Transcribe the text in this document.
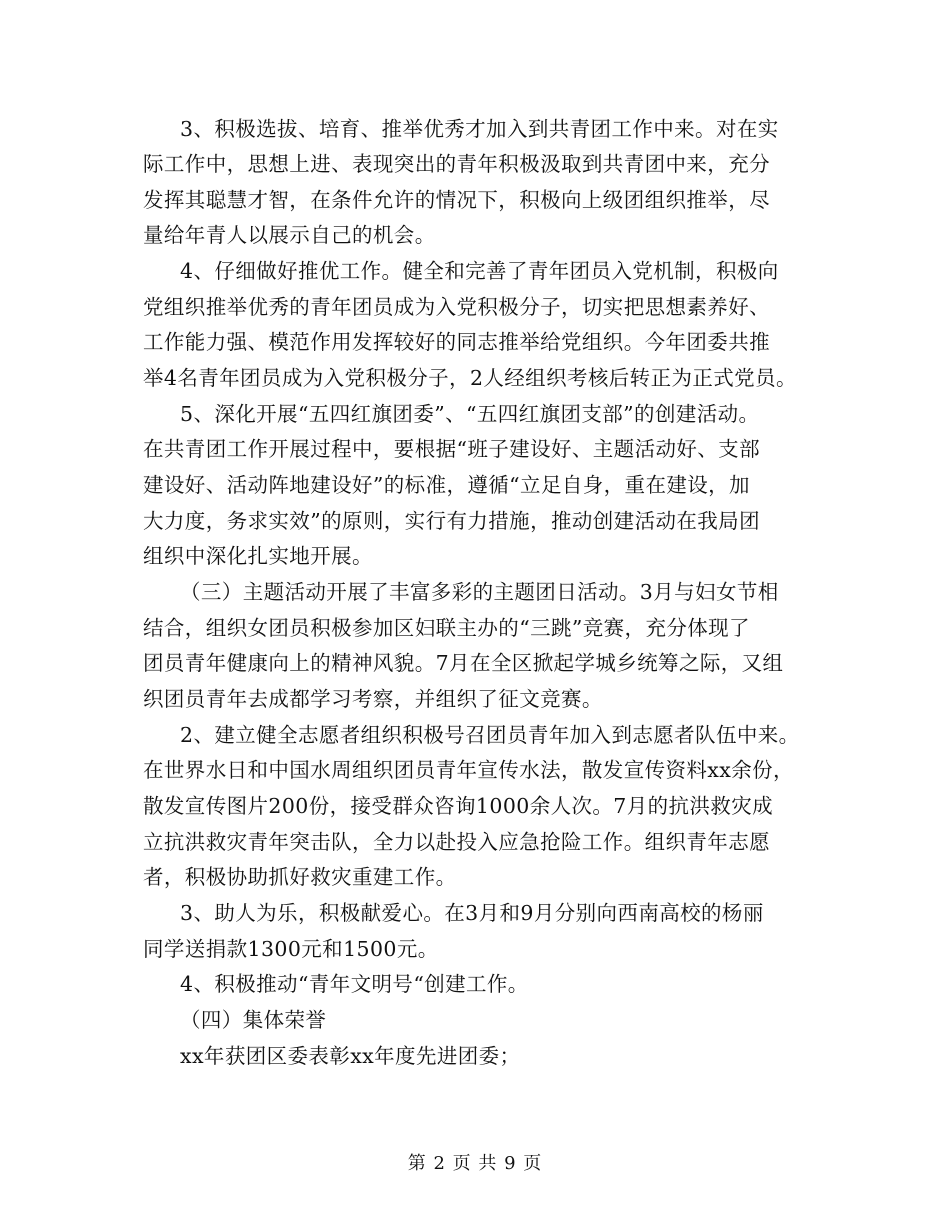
3、积极选拔、培育、推举优秀才加入到共青团工作中来。对在实
际工作中，思想上进、表现突出的青年积极汲取到共青团中来，充分
发挥其聪慧才智，在条件允许的情况下，积极向上级团组织推举，尽
量给年青人以展示自己的机会。
4、仔细做好推优工作。健全和完善了青年团员入党机制，积极向
党组织推举优秀的青年团员成为入党积极分子，切实把思想素养好、
工作能力强、模范作用发挥较好的同志推举给党组织。今年团委共推
举4名青年团员成为入党积极分子，2人经组织考核后转正为正式党员。
5、深化开展“五四红旗团委”、“五四红旗团支部”的创建活动。
在共青团工作开展过程中，要根据“班子建设好、主题活动好、支部
建设好、活动阵地建设好”的标准，遵循“立足自身，重在建设，加
大力度，务求实效”的原则，实行有力措施，推动创建活动在我局团
组织中深化扎实地开展。
（三）主题活动开展了丰富多彩的主题团日活动。3月与妇女节相
结合，组织女团员积极参加区妇联主办的“三跳”竞赛，充分体现了
团员青年健康向上的精神风貌。7月在全区掀起学城乡统筹之际，又组
织团员青年去成都学习考察，并组织了征文竞赛。
2、建立健全志愿者组织积极号召团员青年加入到志愿者队伍中来。
在世界水日和中国水周组织团员青年宣传水法，散发宣传资料xx余份，
散发宣传图片200份，接受群众咨询1000余人次。7月的抗洪救灾成
立抗洪救灾青年突击队，全力以赴投入应急抢险工作。组织青年志愿
者，积极协助抓好救灾重建工作。
3、助人为乐，积极献爱心。在3月和9月分别向西南高校的杨丽
同学送捐款1300元和1500元。
4、积极推动“青年文明号“创建工作。
（四）集体荣誉
xx年获团区委表彰xx年度先进团委；
第 2 页 共 9 页
